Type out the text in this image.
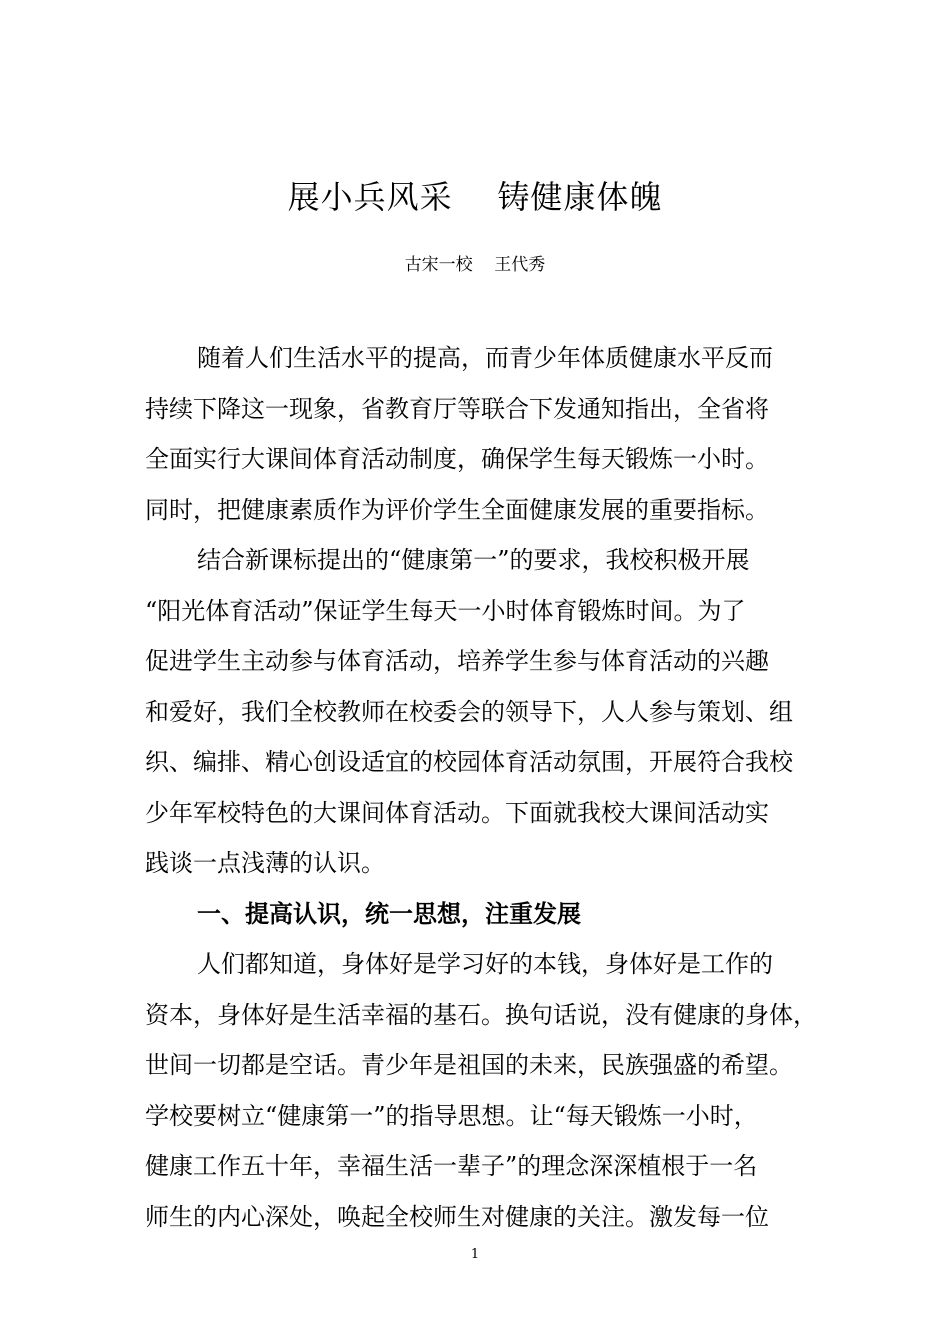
展小兵风采    铸健康体魄
古宋一校    王代秀
随着人们生活水平的提高，而青少年体质健康水平反而
持续下降这一现象，省教育厅等联合下发通知指出，全省将
全面实行大课间体育活动制度，确保学生每天锻炼一小时。
同时，把健康素质作为评价学生全面健康发展的重要指标。
结合新课标提出的“健康第一”的要求，我校积极开展
“阳光体育活动”保证学生每天一小时体育锻炼时间。为了
促进学生主动参与体育活动，培养学生参与体育活动的兴趣
和爱好，我们全校教师在校委会的领导下，人人参与策划、组
织、编排、精心创设适宜的校园体育活动氛围，开展符合我校
少年军校特色的大课间体育活动。下面就我校大课间活动实
践谈一点浅薄的认识。
一、提高认识，统一思想，注重发展
人们都知道，身体好是学习好的本钱，身体好是工作的
资本，身体好是生活幸福的基石。换句话说，没有健康的身体，
世间一切都是空话。青少年是祖国的未来，民族强盛的希望。
学校要树立“健康第一”的指导思想。让“每天锻炼一小时，
健康工作五十年，幸福生活一辈子”的理念深深植根于一名
师生的内心深处，唤起全校师生对健康的关注。激发每一位
1
